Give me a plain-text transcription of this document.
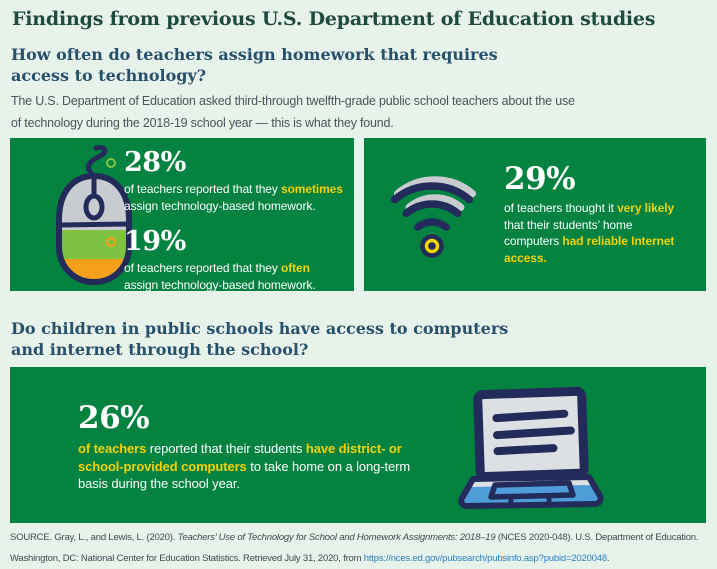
Findings from previous U.S. Department of Education studies
How often do teachers assign homework that requires
access to technology?
The U.S. Department of Education asked third-through twelfth-grade public school teachers about the use
of technology during the 2018-19 school year — this is what they found.
28%
of teachers reported that they sometimes
assign technology-based homework.
19%
of teachers reported that they often
assign technology-based homework.
29%
of teachers thought it very likely
that their students’ home
computers had reliable Internet
access.
Do children in public schools have access to computers
and internet through the school?
26%
of teachers reported that their students have district- or
school-provided computers to take home on a long-term
basis during the school year.
SOURCE. Gray, L., and Lewis, L. (2020). Teachers’ Use of Technology for School and Homework Assignments: 2018–19 (NCES 2020-048). U.S. Department of Education.
Washington, DC: National Center for Education Statistics. Retrieved July 31, 2020, from https://nces.ed.gov/pubsearch/pubsinfo.asp?pubid=2020048.
